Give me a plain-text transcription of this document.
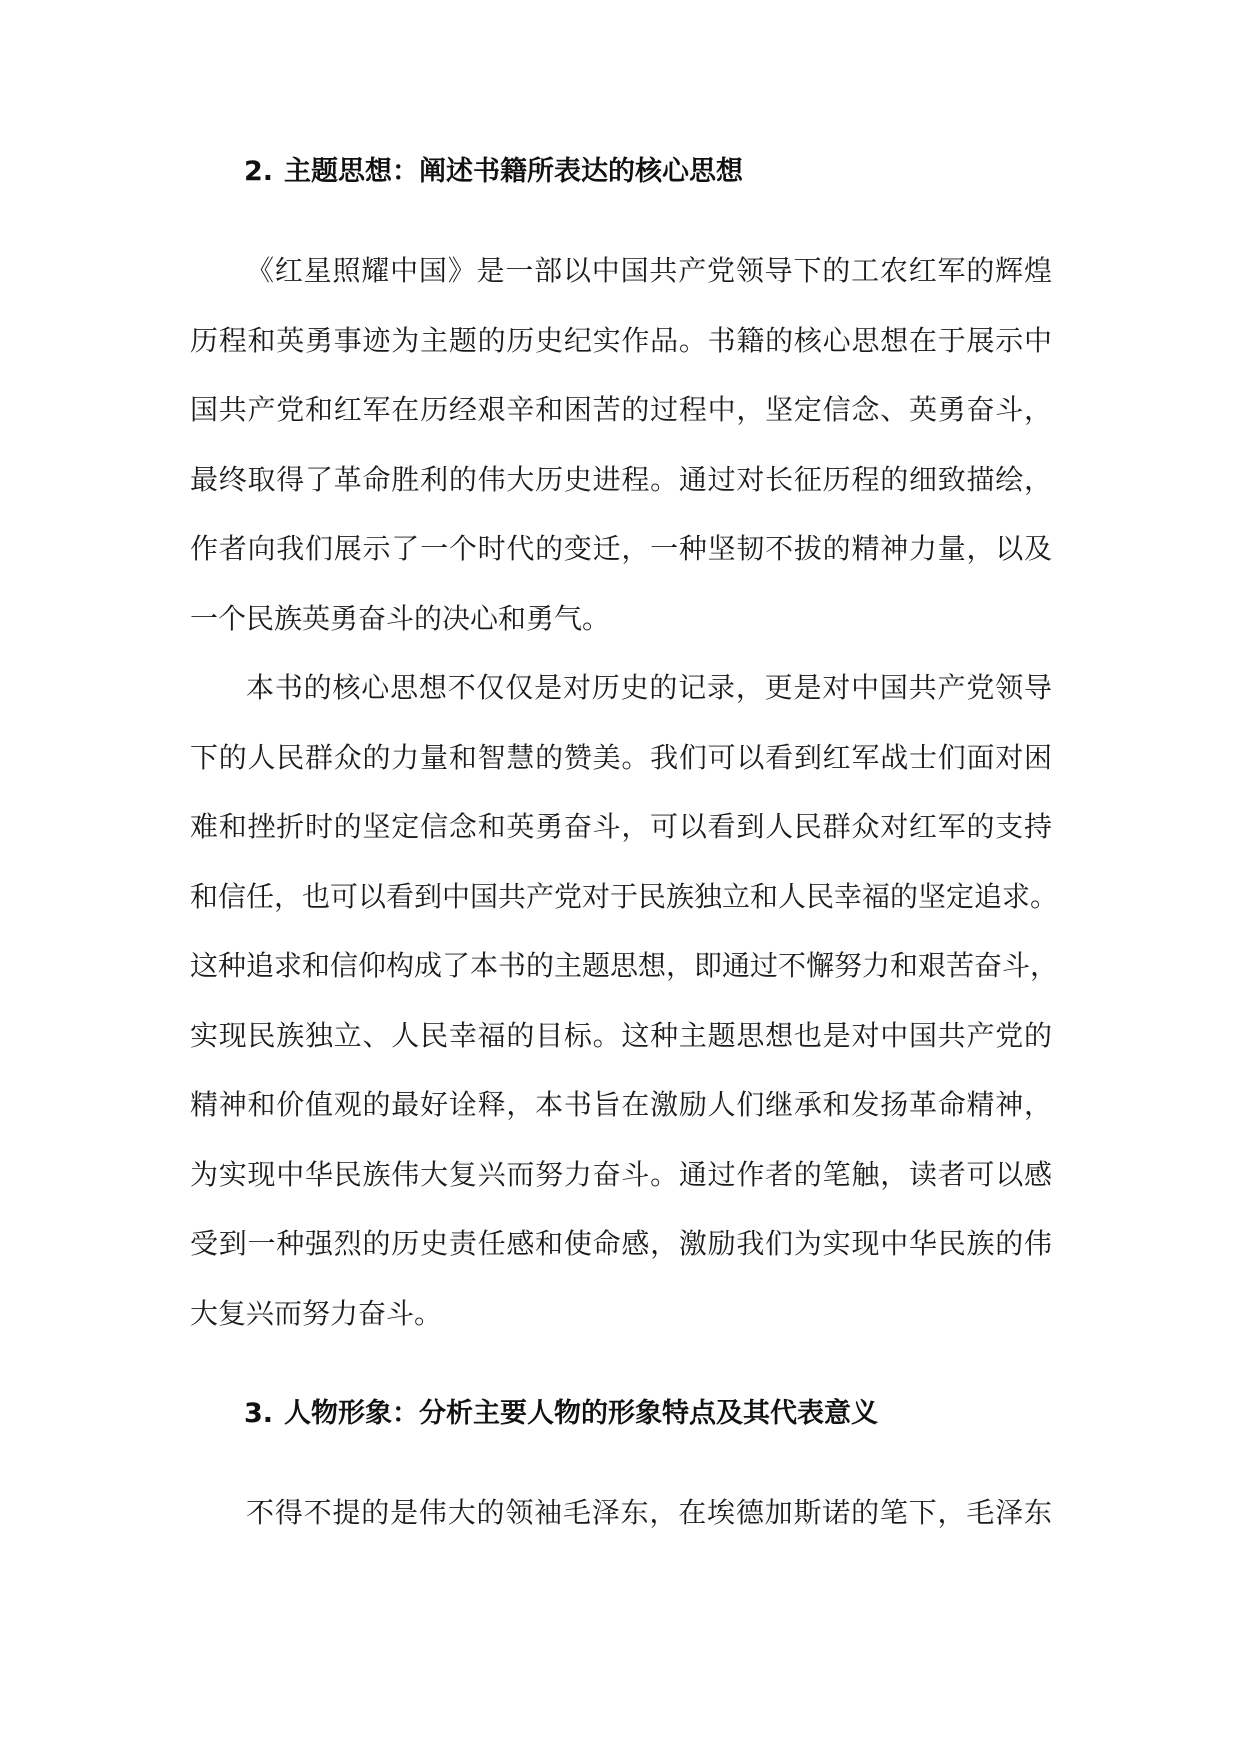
2. 主题思想：阐述书籍所表达的核心思想

《红星照耀中国》是一部以中国共产党领导下的工农红军的辉煌
历程和英勇事迹为主题的历史纪实作品。书籍的核心思想在于展示中
国共产党和红军在历经艰辛和困苦的过程中，坚定信念、英勇奋斗，
最终取得了革命胜利的伟大历史进程。通过对长征历程的细致描绘，
作者向我们展示了一个时代的变迁，一种坚韧不拔的精神力量，以及
一个民族英勇奋斗的决心和勇气。

本书的核心思想不仅仅是对历史的记录，更是对中国共产党领导
下的人民群众的力量和智慧的赞美。我们可以看到红军战士们面对困
难和挫折时的坚定信念和英勇奋斗，可以看到人民群众对红军的支持
和信任，也可以看到中国共产党对于民族独立和人民幸福的坚定追求。
这种追求和信仰构成了本书的主题思想，即通过不懈努力和艰苦奋斗，
实现民族独立、人民幸福的目标。这种主题思想也是对中国共产党的
精神和价值观的最好诠释，本书旨在激励人们继承和发扬革命精神，
为实现中华民族伟大复兴而努力奋斗。通过作者的笔触，读者可以感
受到一种强烈的历史责任感和使命感，激励我们为实现中华民族的伟
大复兴而努力奋斗。

3. 人物形象：分析主要人物的形象特点及其代表意义

不得不提的是伟大的领袖毛泽东，在埃德加斯诺的笔下，毛泽东
